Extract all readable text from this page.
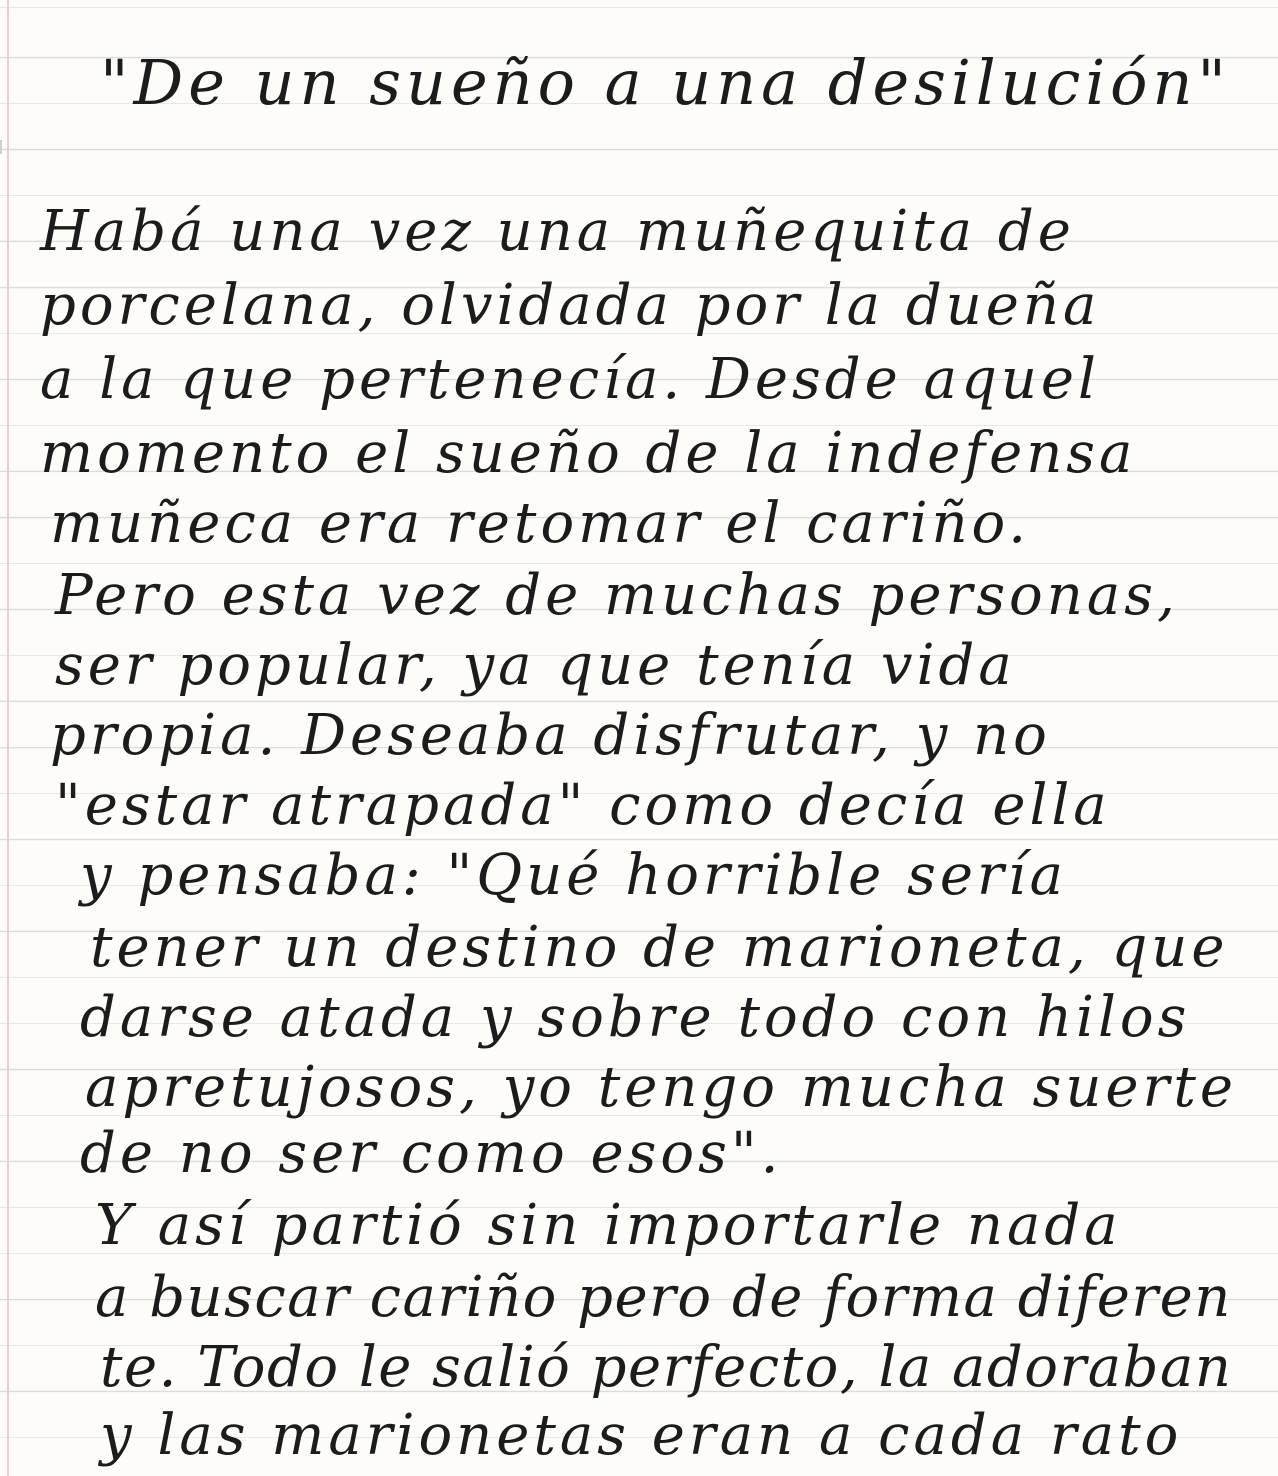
"De un sueño a una desilución"

Habá una vez una muñequita de

porcelana, olvidada por la dueña

a la que pertenecía. Desde aquel

momento el sueño de la indefensa

muñeca era retomar el cariño.

Pero esta vez de muchas personas,

ser popular, ya que tenía vida

propia. Deseaba disfrutar, y no

"estar atrapada" como decía ella

y pensaba: "Qué horrible sería

tener un destino de marioneta, que

darse atada y sobre todo con hilos

apretujosos, yo tengo mucha suerte

de no ser como esos".

Y así partió sin importarle nada

a buscar cariño pero de forma diferen

te. Todo le salió perfecto, la adoraban

y las marionetas eran a cada rato
